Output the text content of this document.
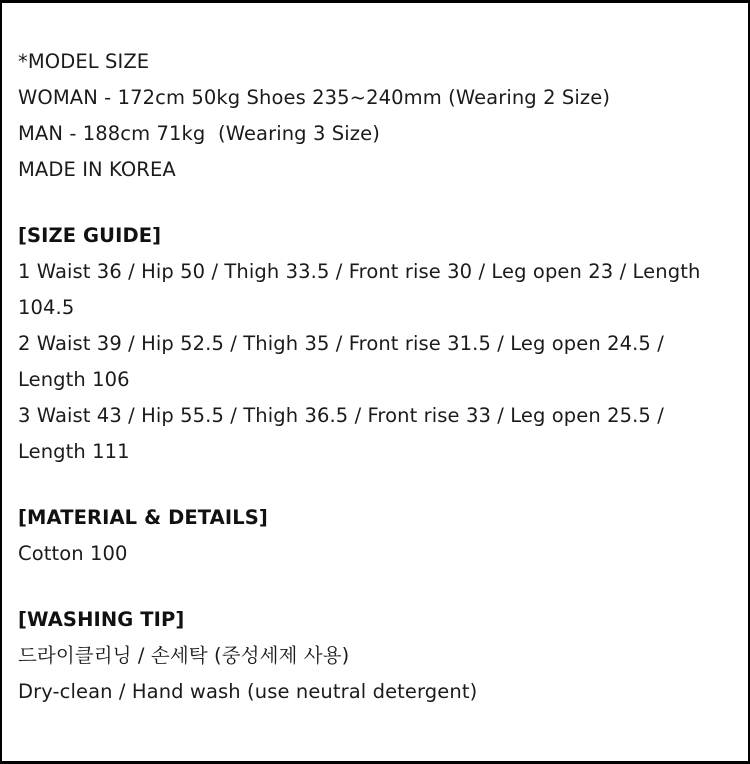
*MODEL SIZE
WOMAN - 172cm 50kg Shoes 235~240mm (Wearing 2 Size)
MAN - 188cm 71kg  (Wearing 3 Size)
MADE IN KOREA
[SIZE GUIDE]
1 Waist 36 / Hip 50 / Thigh 33.5 / Front rise 30 / Leg open 23 / Length 104.5
2 Waist 39 / Hip 52.5 / Thigh 35 / Front rise 31.5 / Leg open 24.5 / Length 106
3 Waist 43 / Hip 55.5 / Thigh 36.5 / Front rise 33 / Leg open 25.5 / Length 111
[MATERIAL & DETAILS]
Cotton 100
[WASHING TIP]
드라이클리닝 / 손세탁 (중성세제 사용)
Dry-clean / Hand wash (use neutral detergent)
